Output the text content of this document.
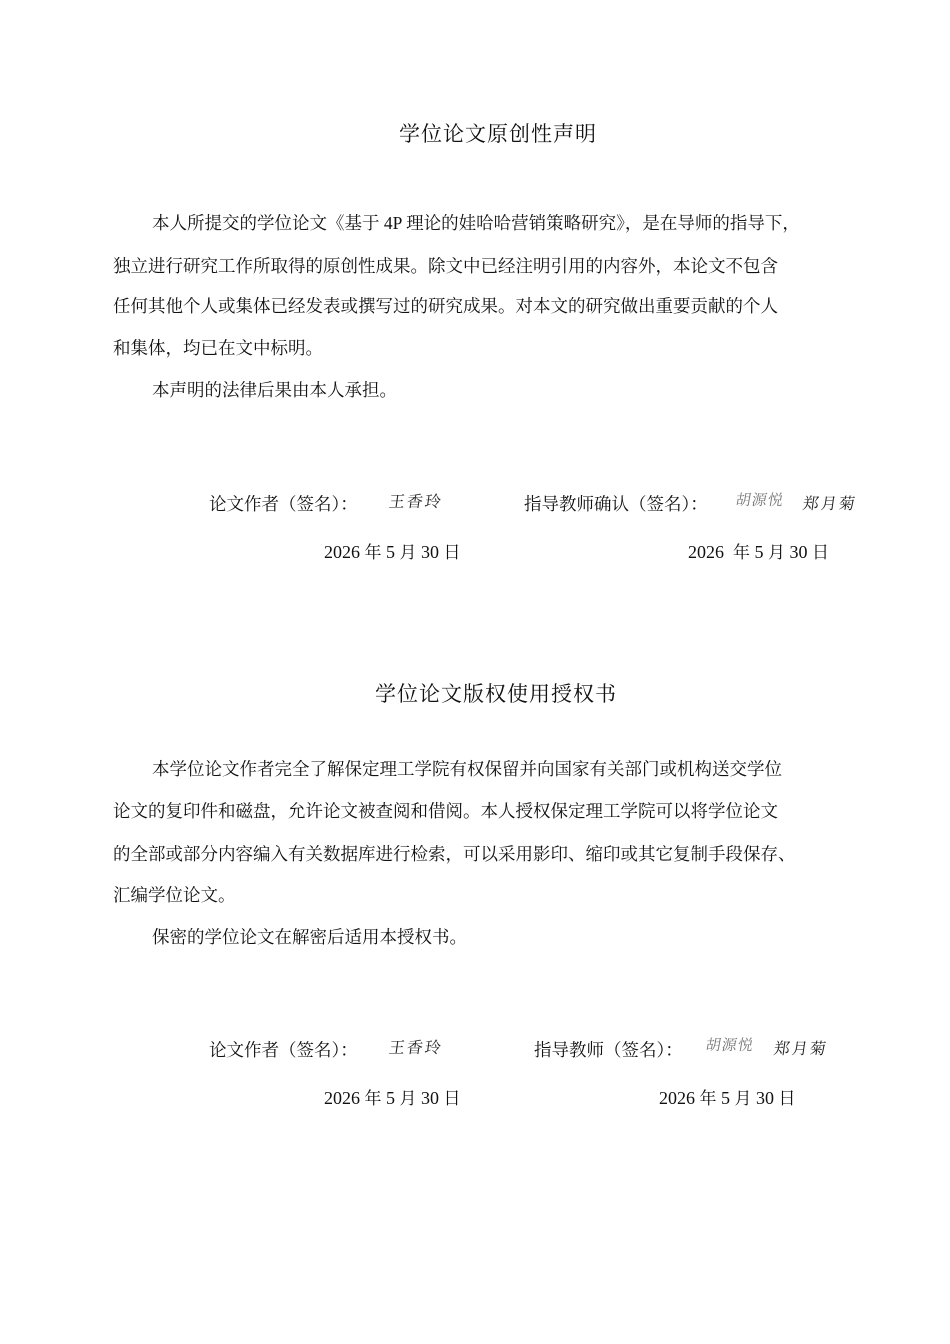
学位论文原创性声明
本人所提交的学位论文《基于 4P 理论的娃哈哈营销策略研究》，是在导师的指导下，
独立进行研究工作所取得的原创性成果。除文中已经注明引用的内容外，本论文不包含
任何其他个人或集体已经发表或撰写过的研究成果。对本文的研究做出重要贡献的个人
和集体，均已在文中标明。
本声明的法律后果由本人承担。
论文作者（签名）： 王香玲	指导教师确认（签名）： 胡源悦 郑月菊
2026 年 5 月 30 日	2026 年 5 月 30 日
学位论文版权使用授权书
本学位论文作者完全了解保定理工学院有权保留并向国家有关部门或机构送交学位
论文的复印件和磁盘，允许论文被查阅和借阅。本人授权保定理工学院可以将学位论文
的全部或部分内容编入有关数据库进行检索，可以采用影印、缩印或其它复制手段保存、
汇编学位论文。
保密的学位论文在解密后适用本授权书。
论文作者（签名）： 王香玲	指导教师（签名）： 胡源悦 郑月菊
2026 年 5 月 30 日	2026 年 5 月 30 日
